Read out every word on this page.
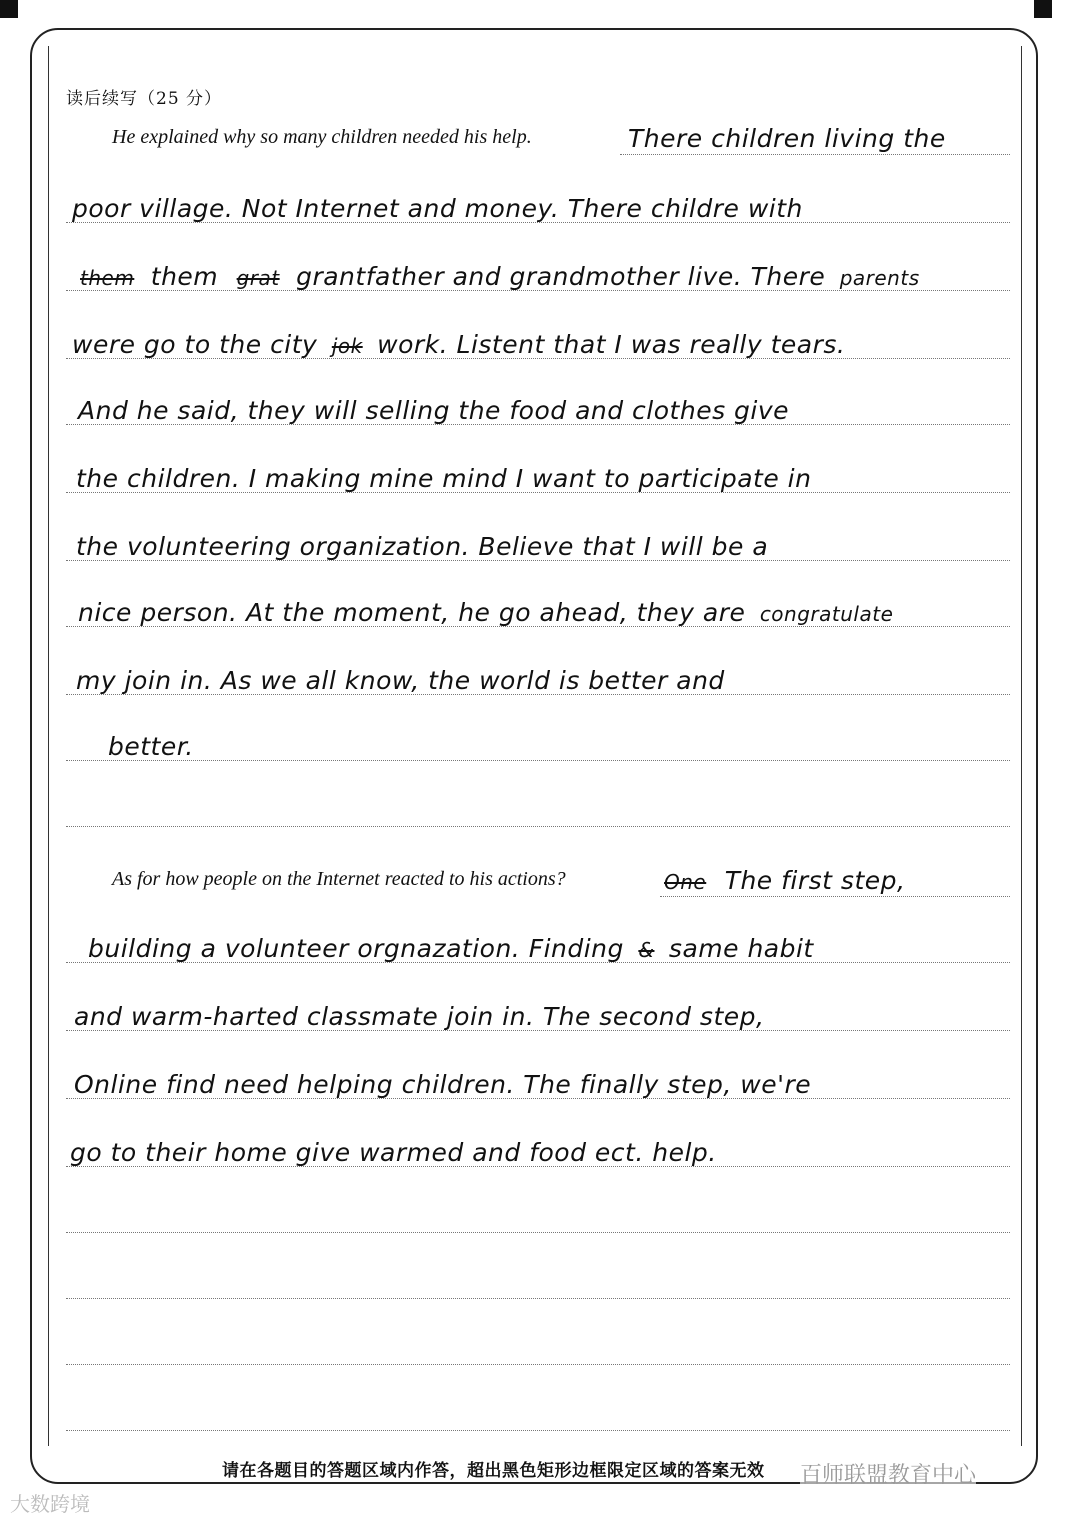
读后续写（25 分）
He explained why so many children needed his help.	There children living the
poor village. Not Internet and money. There childre with
them them grat grantfather and grandmother live. There parents
were go to the city jok work. Listent that I was really tears.
And he said, they will selling the food and clothes give
the children. I making mine mind I want to participate in
the volunteering organization. Believe that I will be a
nice person. At the moment, he go ahead, they are congratulate
my join in. As we all know, the world is better and
better.
As for how people on the Internet reacted to his actions?	One The first step,
building a volunteer orgnazation. Finding & same habit
and warm-harted classmate join in. The second step,
Online find need helping children. The finally step, we're
go to their home give warmed and food ect. help.
请在各题目的答题区域内作答，超出黑色矩形边框限定区域的答案无效
大数跨境
百师联盟教育中心
